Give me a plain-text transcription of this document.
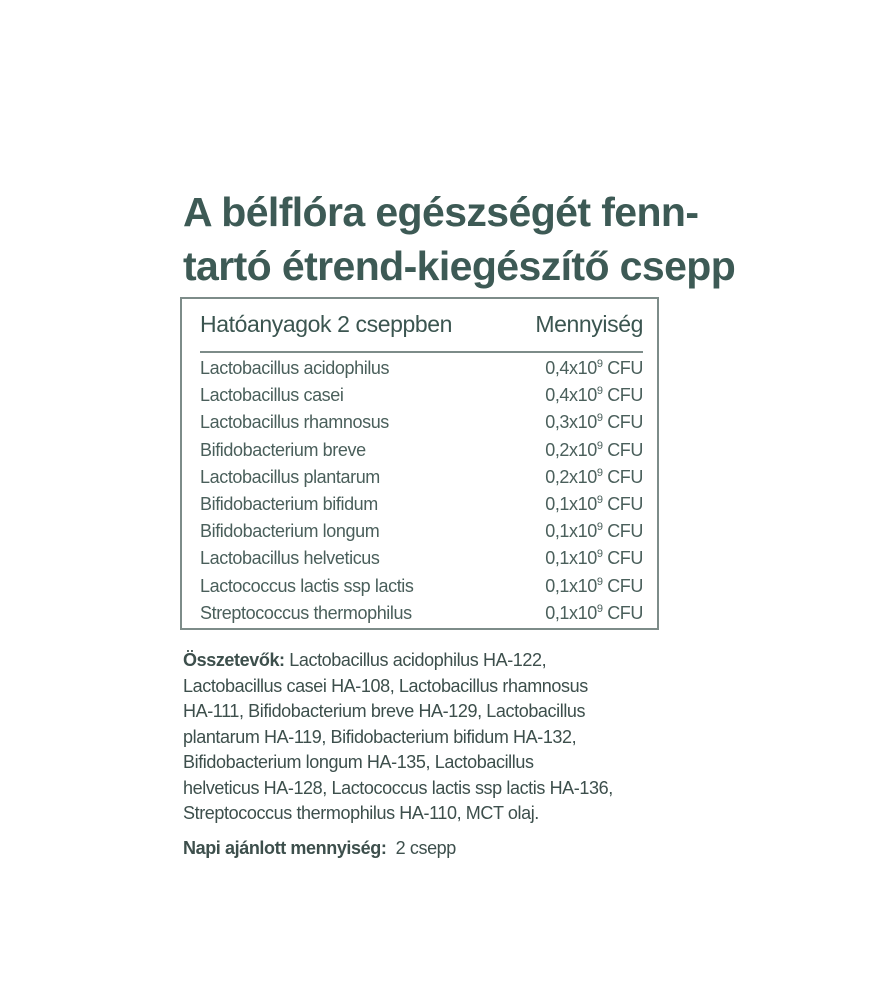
A bélflóra egészségét fenn-
tartó étrend-kiegészítő csepp
Hatóanyagok 2 cseppben	Mennyiség
Lactobacillus acidophilus	$0,4x10^9$ CFU
Lactobacillus casei	$0,4x10^9$ CFU
Lactobacillus rhamnosus	$0,3x10^9$ CFU
Bifidobacterium breve	$0,2x10^9$ CFU
Lactobacillus plantarum	$0,2x10^9$ CFU
Bifidobacterium bifidum	$0,1x10^9$ CFU
Bifidobacterium longum	$0,1x10^9$ CFU
Lactobacillus helveticus	$0,1x10^9$ CFU
Lactococcus lactis ssp lactis	$0,1x10^9$ CFU
Streptococcus thermophilus	$0,1x10^9$ CFU

Összetevők: Lactobacillus acidophilus HA-122,
Lactobacillus casei HA-108, Lactobacillus rhamnosus
HA-111, Bifidobacterium breve HA-129, Lactobacillus
plantarum HA-119, Bifidobacterium bifidum HA-132,
Bifidobacterium longum HA-135, Lactobacillus
helveticus HA-128, Lactococcus lactis ssp lactis HA-136,
Streptococcus thermophilus HA-110, MCT olaj.

Napi ajánlott mennyiség:  2 csepp
